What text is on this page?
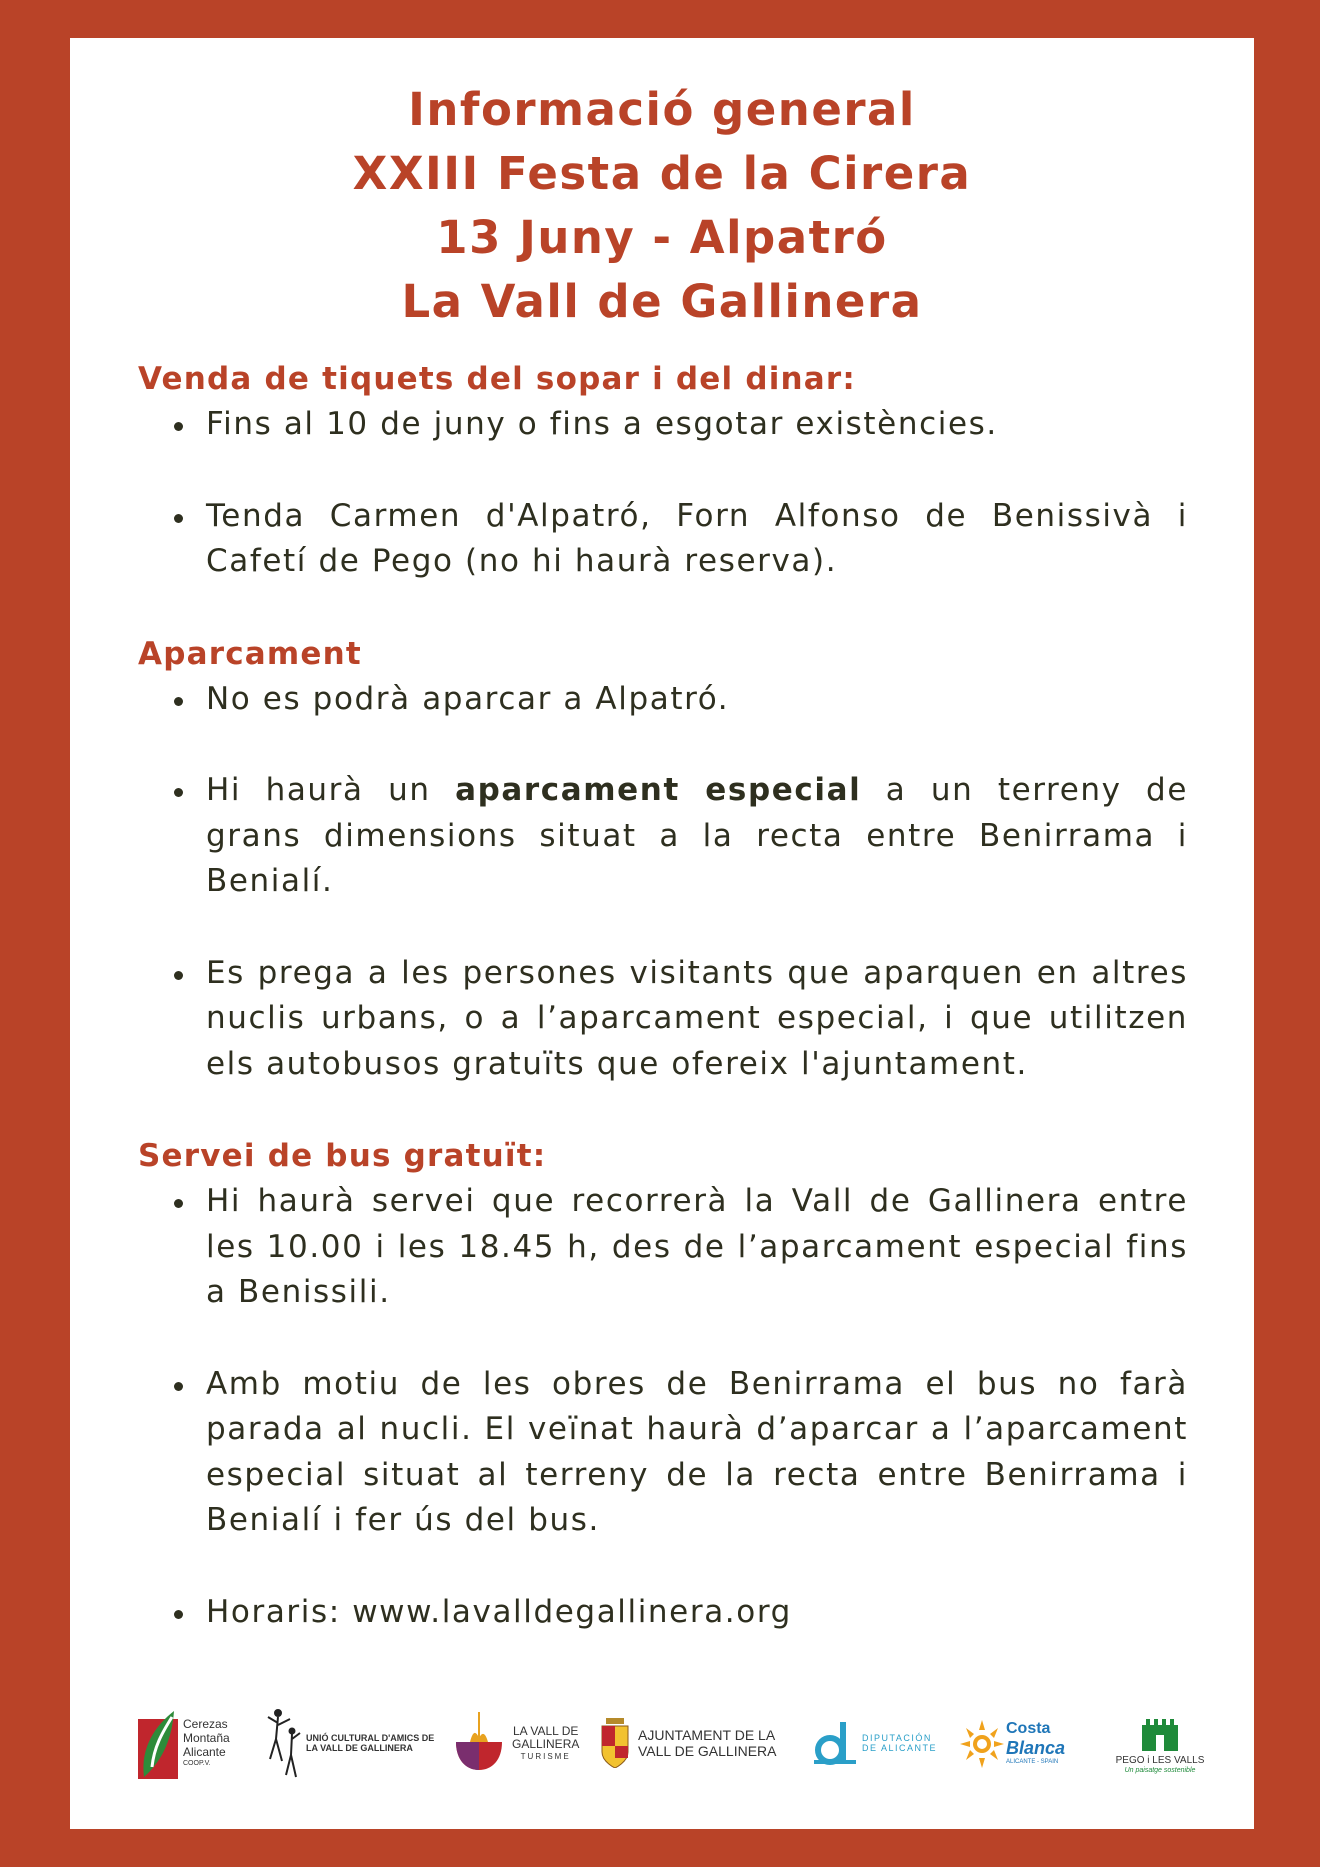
Informació general
XXIII Festa de la Cirera
13 Juny - Alpatró
La Vall de Gallinera
Venda de tiquets del sopar i del dinar:
Fins al 10 de juny o fins a esgotar existències.
Tenda Carmen d'Alpatró, Forn Alfonso de Benissivà i Cafetí de Pego (no hi haurà reserva).
Aparcament
No es podrà aparcar a Alpatró.
Hi haurà un aparcament especial a un terreny de grans dimensions situat a la recta entre Benirrama i Benialí.
Es prega a les persones visitants que aparquen en altres nuclis urbans, o a l’aparcament especial, i que utilitzen els autobusos gratuïts que ofereix l'ajuntament.
Servei de bus gratuït:
Hi haurà servei que recorrerà la Vall de Gallinera entre les 10.00 i les 18.45 h, des de l’aparcament especial fins a Benissili.
Amb motiu de les obres de Benirrama el bus no farà parada al nucli. El veïnat haurà d’aparcar a l’aparcament especial situat al terreny de la recta entre Benirrama i Benialí i fer ús del bus.
Horaris: www.lavalldegallinera.org
Cerezas
Montaña
Alicante
COOP.V.
UNIÓ CULTURAL D'AMICS DE
LA VALL DE GALLINERA
LA VALL DE
GALLINERA
TURISME
AJUNTAMENT DE LA
VALL DE GALLINERA
DIPUTACIÓN
DE ALICANTE
Costa
Blanca
ALICANTE - SPAIN	PEGO i LES VALLS
Un paisatge sostenible
